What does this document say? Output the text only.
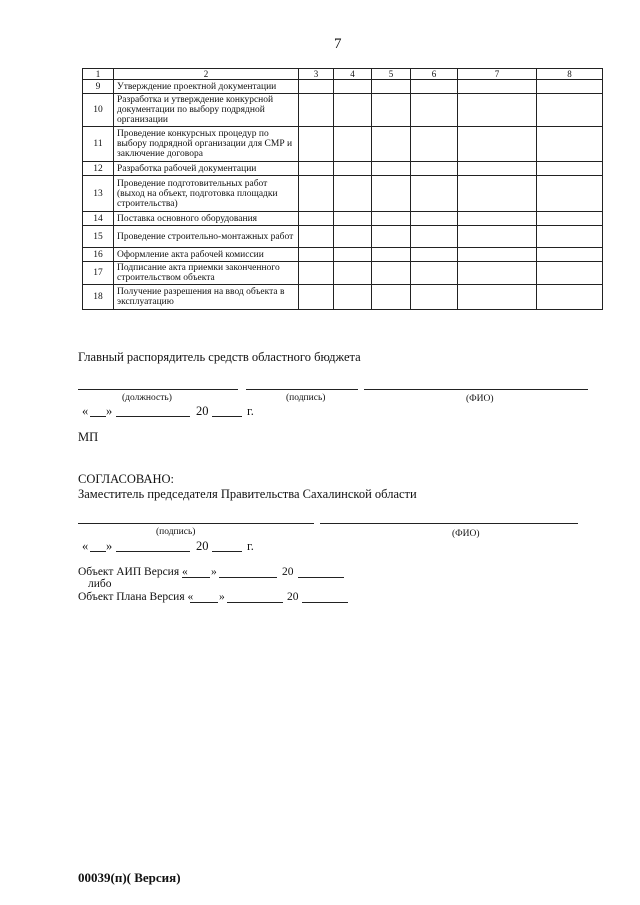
7
1	2	3	4	5	6	7	8
9	Утверждение проектной документации						
10	Разработка и утверждение конкурсной документации по выбору подрядной организации						
11	Проведение конкурсных процедур по выбору подрядной организации для СМР и заключение договора						
12	Разработка рабочей документации						
13	Проведение подготовительных работ (выход на объект, подготовка площадки строительства)						
14	Поставка основного оборудования						
15	Проведение строительно-монтажных работ						
16	Оформление акта рабочей комиссии						
17	Подписание акта приемки законченного строительством объекта						
18	Получение разрешения на ввод объекта в эксплуатацию						
Главный распорядитель средств областного бюджета
(должность)	(подпись)	(ФИО)
« »	20	г.
МП
СОГЛАСОВАНО:
Заместитель председателя Правительства Сахалинской области
(подпись)	(ФИО)
« »	20	г.
Объект АИП Версия « »	20
либо
Объект Плана Версия « »	20
00039(п)( Версия)
